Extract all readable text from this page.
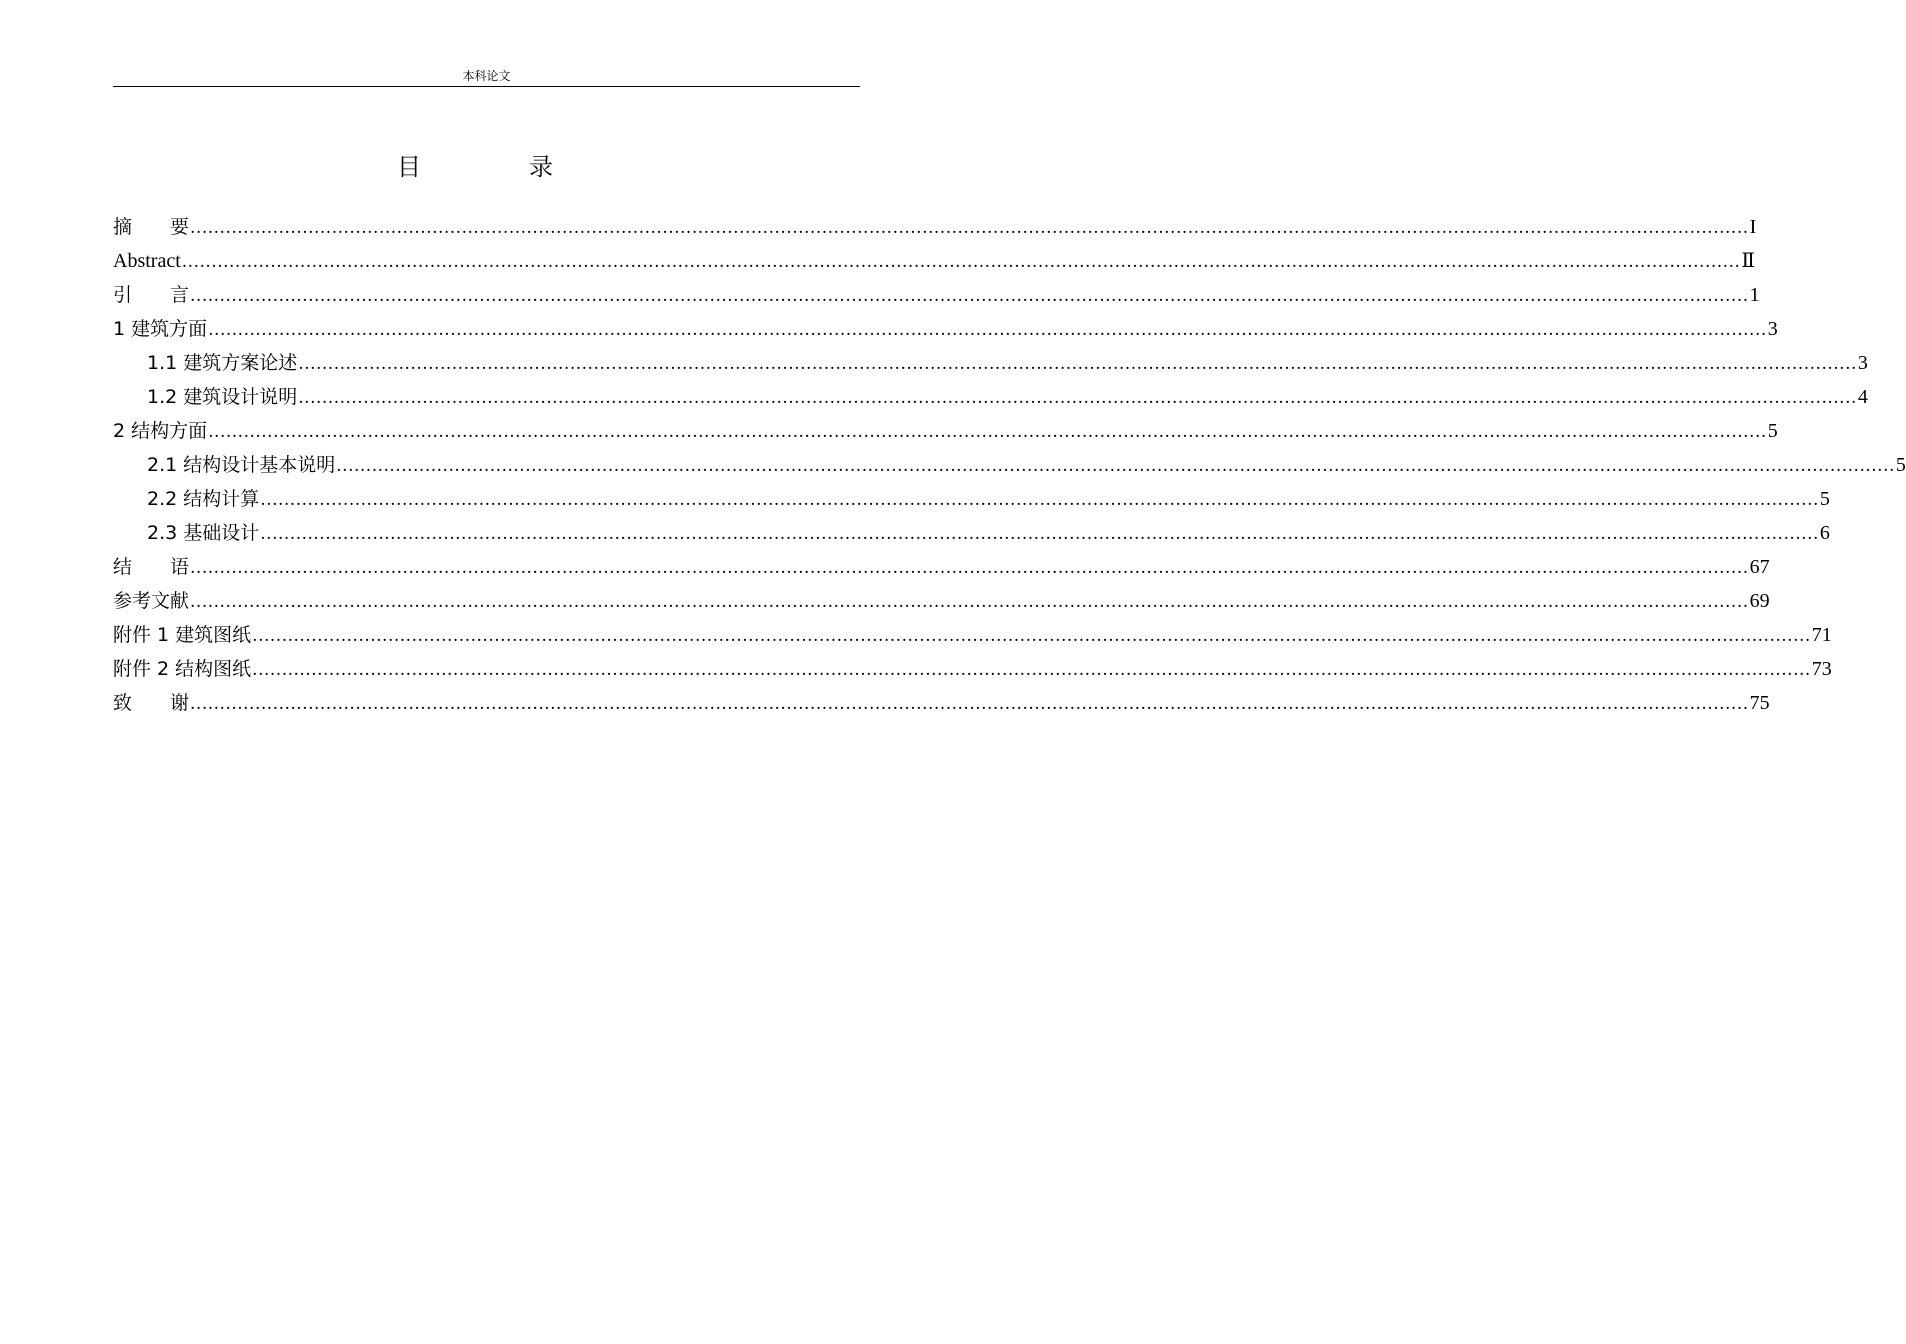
本科论文
目　录
摘　　要 ........................................................................................................................................................................................................................................................................ I
Abstract ........................................................................................................................................................................................................................................................................ Ⅱ
引　　言 ........................................................................................................................................................................................................................................................................ 1
1 建筑方面 ........................................................................................................................................................................................................................................................................ 3
1.1 建筑方案论述 ........................................................................................................................................................................................................................................................................ 3
1.2 建筑设计说明 ........................................................................................................................................................................................................................................................................ 4
2 结构方面 ........................................................................................................................................................................................................................................................................ 5
2.1 结构设计基本说明 ........................................................................................................................................................................................................................................................................ 5
2.2 结构计算 ........................................................................................................................................................................................................................................................................ 5
2.3 基础设计 ........................................................................................................................................................................................................................................................................ 6
结　　语 ........................................................................................................................................................................................................................................................................ 67
参考文献 ........................................................................................................................................................................................................................................................................ 69
附件 1 建筑图纸 ........................................................................................................................................................................................................................................................................ 71
附件 2 结构图纸 ........................................................................................................................................................................................................................................................................ 73
致　　谢 ........................................................................................................................................................................................................................................................................ 75
